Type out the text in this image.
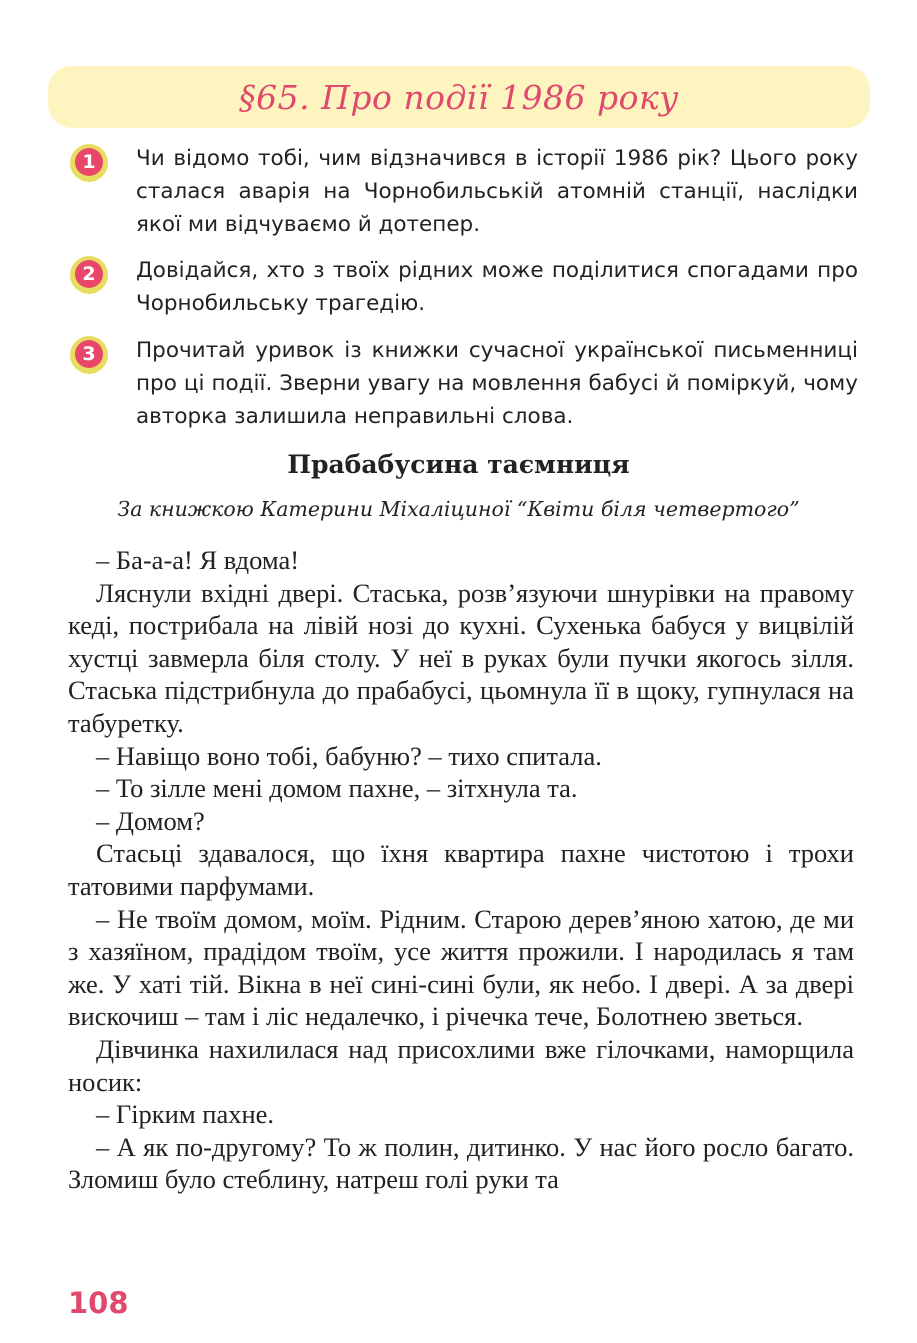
§65. Про події 1986 року
1	Чи відомо тобі, чим відзначився в історії 1986 рік? Цього року сталася аварія на Чорнобильській атомній станції, наслідки якої ми відчуваємо й дотепер.
2	Довідайся, хто з твоїх рідних може поділитися спогадами про Чорнобильську трагедію.
3	Прочитай уривок із книжки сучасної української письменниці про ці події. Зверни увагу на мовлення бабусі й поміркуй, чому авторка залишила неправильні слова.
Прабабусина таємниця
За книжкою Катерини Міхаліциної “Квіти біля четвертого”

– Ба-а-а! Я вдома!

Ляснули вхідні двері. Стаська, розв’язуючи шнурівки на правому кеді, пострибала на лівій нозі до кухні. Сухенька бабуся у вицвілій хустці завмерла біля столу. У неї в руках були пучки якогось зілля. Стаська підстрибнула до прабабусі, цьомнула її в щоку, гупнулася на табуретку.

– Навіщо воно тобі, бабуню? – тихо спитала.

– То зілле мені домом пахне, – зітхнула та.

– Домом?

Стасьці здавалося, що їхня квартира пахне чистотою і трохи татовими парфумами.

– Не твоїм домом, моїм. Рідним. Старою дерев’яною хатою, де ми з хазяїном, прадідом твоїм, усе життя прожили. І народилась я там же. У хаті тій. Вікна в неї сині-сині були, як небо. І двері. А за двері вискочиш – там і ліс недалечко, і річечка тече, Болотнею зветься.

Дівчинка нахилилася над присохлими вже гілочками, наморщила носик:

– Гірким пахне.

– А як по-другому? То ж полин, дитинко. У нас його росло багато. Зломиш було стеблину, натреш голі руки та

108
